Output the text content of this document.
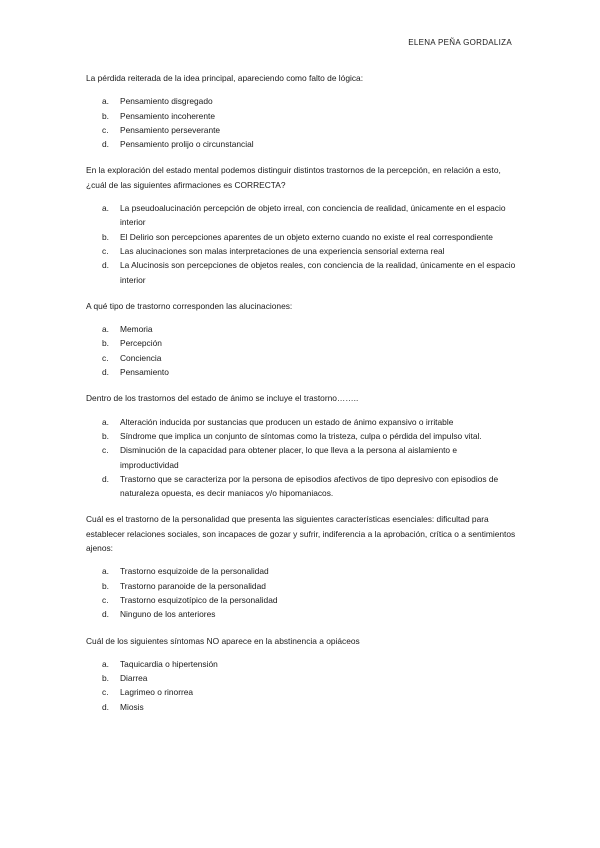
ELENA PEÑA GORDALIZA

La pérdida reiterada de la idea principal, apareciendo como falto de lógica:

a.	Pensamiento disgregado
b.	Pensamiento incoherente
c.	Pensamiento perseverante
d.	Pensamiento prolijo o circunstancial

En la exploración del estado mental podemos distinguir distintos trastornos de la percepción, en relación a esto, ¿cuál de las siguientes afirmaciones es CORRECTA?

a.	La pseudoalucinación percepción de objeto irreal, con conciencia de realidad, únicamente en el espacio interior
b.	El Delirio son percepciones aparentes de un objeto externo cuando no existe el real correspondiente
c.	Las alucinaciones son malas interpretaciones de una experiencia sensorial externa real
d.	La Alucinosis son percepciones de objetos reales, con conciencia de la realidad, únicamente en el espacio interior

A qué tipo de trastorno corresponden las alucinaciones:

a.	Memoria
b.	Percepción
c.	Conciencia
d.	Pensamiento

Dentro de los trastornos del estado de ánimo se incluye el trastorno……..

a.	Alteración inducida por sustancias que producen un estado de ánimo expansivo o irritable
b.	Síndrome que implica un conjunto de síntomas como la tristeza, culpa o pérdida del impulso vital.
c.	Disminución de la capacidad para obtener placer, lo que lleva a la persona al aislamiento e improductividad
d.	Trastorno que se caracteriza por la persona de episodios afectivos de tipo depresivo con episodios de naturaleza opuesta, es decir maniacos y/o hipomaniacos.

Cuál es el trastorno de la personalidad que presenta las siguientes características esenciales: dificultad para establecer relaciones sociales, son incapaces de gozar y sufrir, indiferencia a la aprobación, crítica o a sentimientos ajenos:

a.	Trastorno esquizoide de la personalidad
b.	Trastorno paranoide de la personalidad
c.	Trastorno esquizotípico de la personalidad
d.	Ninguno de los anteriores

Cuál de los siguientes síntomas NO aparece en la abstinencia a opiáceos

a.	Taquicardia o hipertensión
b.	Diarrea
c.	Lagrimeo o rinorrea
d.	Miosis
